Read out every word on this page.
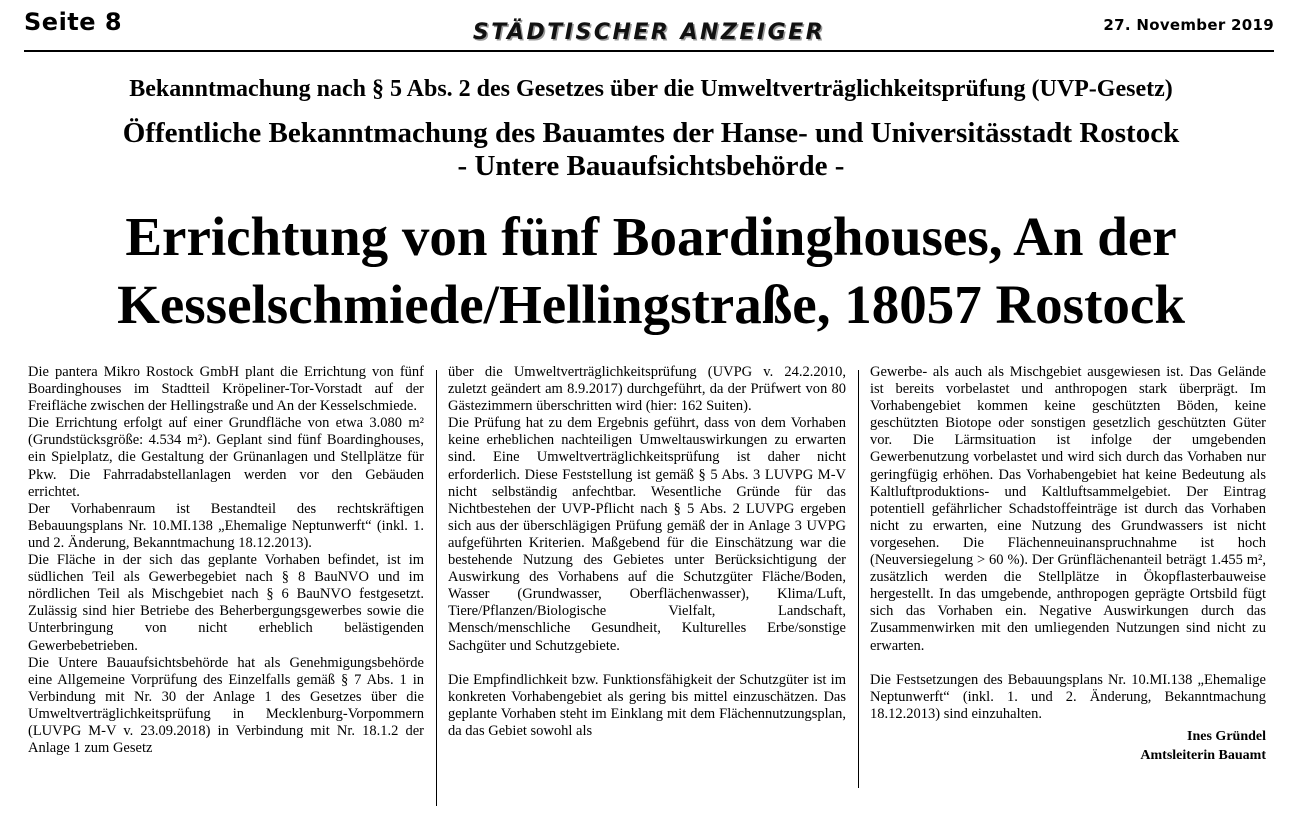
Seite 8	STÄDTISCHER ANZEIGER	27. November 2019
Bekanntmachung nach § 5 Abs. 2 des Gesetzes über die Umweltverträglichkeitsprüfung (UVP-Gesetz)
Öffentliche Bekanntmachung des Bauamtes der Hanse- und Universitässtadt Rostock
- Untere Bauaufsichtsbehörde -
Errichtung von fünf Boardinghouses, An der
Kesselschmiede/Hellingstraße, 18057 Rostock

Die pantera Mikro Rostock GmbH plant die Errichtung von fünf Boardinghouses im Stadtteil Kröpeliner-Tor-Vorstadt auf der Freifläche zwischen der Hellingstraße und An der Kesselschmiede.

Die Errichtung erfolgt auf einer Grundfläche von etwa 3.080 m² (Grundstücksgröße: 4.534 m²). Geplant sind fünf Boardinghouses, ein Spielplatz, die Gestaltung der Grünanlagen und Stellplätze für Pkw. Die Fahrradabstellanlagen werden vor den Gebäuden errichtet.

Der Vorhabenraum ist Bestandteil des rechtskräftigen Bebauungsplans Nr. 10.MI.138 „Ehemalige Neptunwerft“ (inkl. 1. und 2. Änderung, Bekanntmachung 18.12.2013).

Die Fläche in der sich das geplante Vorhaben befindet, ist im südlichen Teil als Gewerbegebiet nach § 8 BauNVO und im nördlichen Teil als Mischgebiet nach § 6 BauNVO festgesetzt. Zulässig sind hier Betriebe des Beherbergungsgewerbes sowie die Unterbringung von nicht erheblich belästigenden Gewerbebetrieben.

Die Untere Bauaufsichtsbehörde hat als Genehmigungsbehörde eine Allgemeine Vorprüfung des Einzelfalls gemäß § 7 Abs. 1 in Verbindung mit Nr. 30 der Anlage 1 des Gesetzes über die Umweltverträglichkeitsprüfung in Mecklenburg-Vorpommern (LUVPG M-V v. 23.09.2018) in Verbindung mit Nr. 18.1.2 der Anlage 1 zum Gesetz

über die Umweltverträglichkeitsprüfung (UVPG v. 24.2.2010, zuletzt geändert am 8.9.2017) durchgeführt, da der Prüfwert von 80 Gästezimmern überschritten wird (hier: 162 Suiten).

Die Prüfung hat zu dem Ergebnis geführt, dass von dem Vorhaben keine erheblichen nachteiligen Umweltauswirkungen zu erwarten sind. Eine Umweltverträglichkeitsprüfung ist daher nicht erforderlich. Diese Feststellung ist gemäß § 5 Abs. 3 LUVPG M-V nicht selbständig anfechtbar. Wesentliche Gründe für das Nichtbestehen der UVP-Pflicht nach § 5 Abs. 2 LUVPG ergeben sich aus der überschlägigen Prüfung gemäß der in Anlage 3 UVPG aufgeführten Kriterien. Maßgebend für die Einschätzung war die bestehende Nutzung des Gebietes unter Berücksichtigung der Auswirkung des Vorhabens auf die Schutzgüter Fläche/Boden, Wasser (Grundwasser, Oberflächenwasser), Klima/Luft, Tiere/Pflanzen/Biologische Vielfalt, Landschaft, Mensch/menschliche Gesundheit, Kulturelles Erbe/sonstige Sachgüter und Schutzgebiete.

Die Empfindlichkeit bzw. Funktionsfähigkeit der Schutzgüter ist im konkreten Vorhabengebiet als gering bis mittel einzuschätzen. Das geplante Vorhaben steht im Einklang mit dem Flächennutzungsplan, da das Gebiet sowohl als

Gewerbe- als auch als Mischgebiet ausgewiesen ist. Das Gelände ist bereits vorbelastet und anthropogen stark überprägt. Im Vorhabengebiet kommen keine geschützten Böden, keine geschützten Biotope oder sonstigen gesetzlich geschützten Güter vor. Die Lärmsituation ist infolge der umgebenden Gewerbenutzung vorbelastet und wird sich durch das Vorhaben nur geringfügig erhöhen. Das Vorhabengebiet hat keine Bedeutung als Kaltluftproduktions- und Kaltluftsammelgebiet. Der Eintrag potentiell gefährlicher Schadstoffeinträge ist durch das Vorhaben nicht zu erwarten, eine Nutzung des Grundwassers ist nicht vorgesehen. Die Flächenneuinanspruchnahme ist hoch (Neuversiegelung > 60 %). Der Grünflächenanteil beträgt 1.455 m², zusätzlich werden die Stellplätze in Ökopflasterbauweise hergestellt. In das umgebende, anthropogen geprägte Ortsbild fügt sich das Vorhaben ein. Negative Auswirkungen durch das Zusammenwirken mit den umliegenden Nutzungen sind nicht zu erwarten.

Die Festsetzungen des Bebauungsplans Nr. 10.MI.138 „Ehemalige Neptunwerft“ (inkl. 1. und 2. Änderung, Bekanntmachung 18.12.2013) sind einzuhalten.

Ines Gründel
Amtsleiterin Bauamt
